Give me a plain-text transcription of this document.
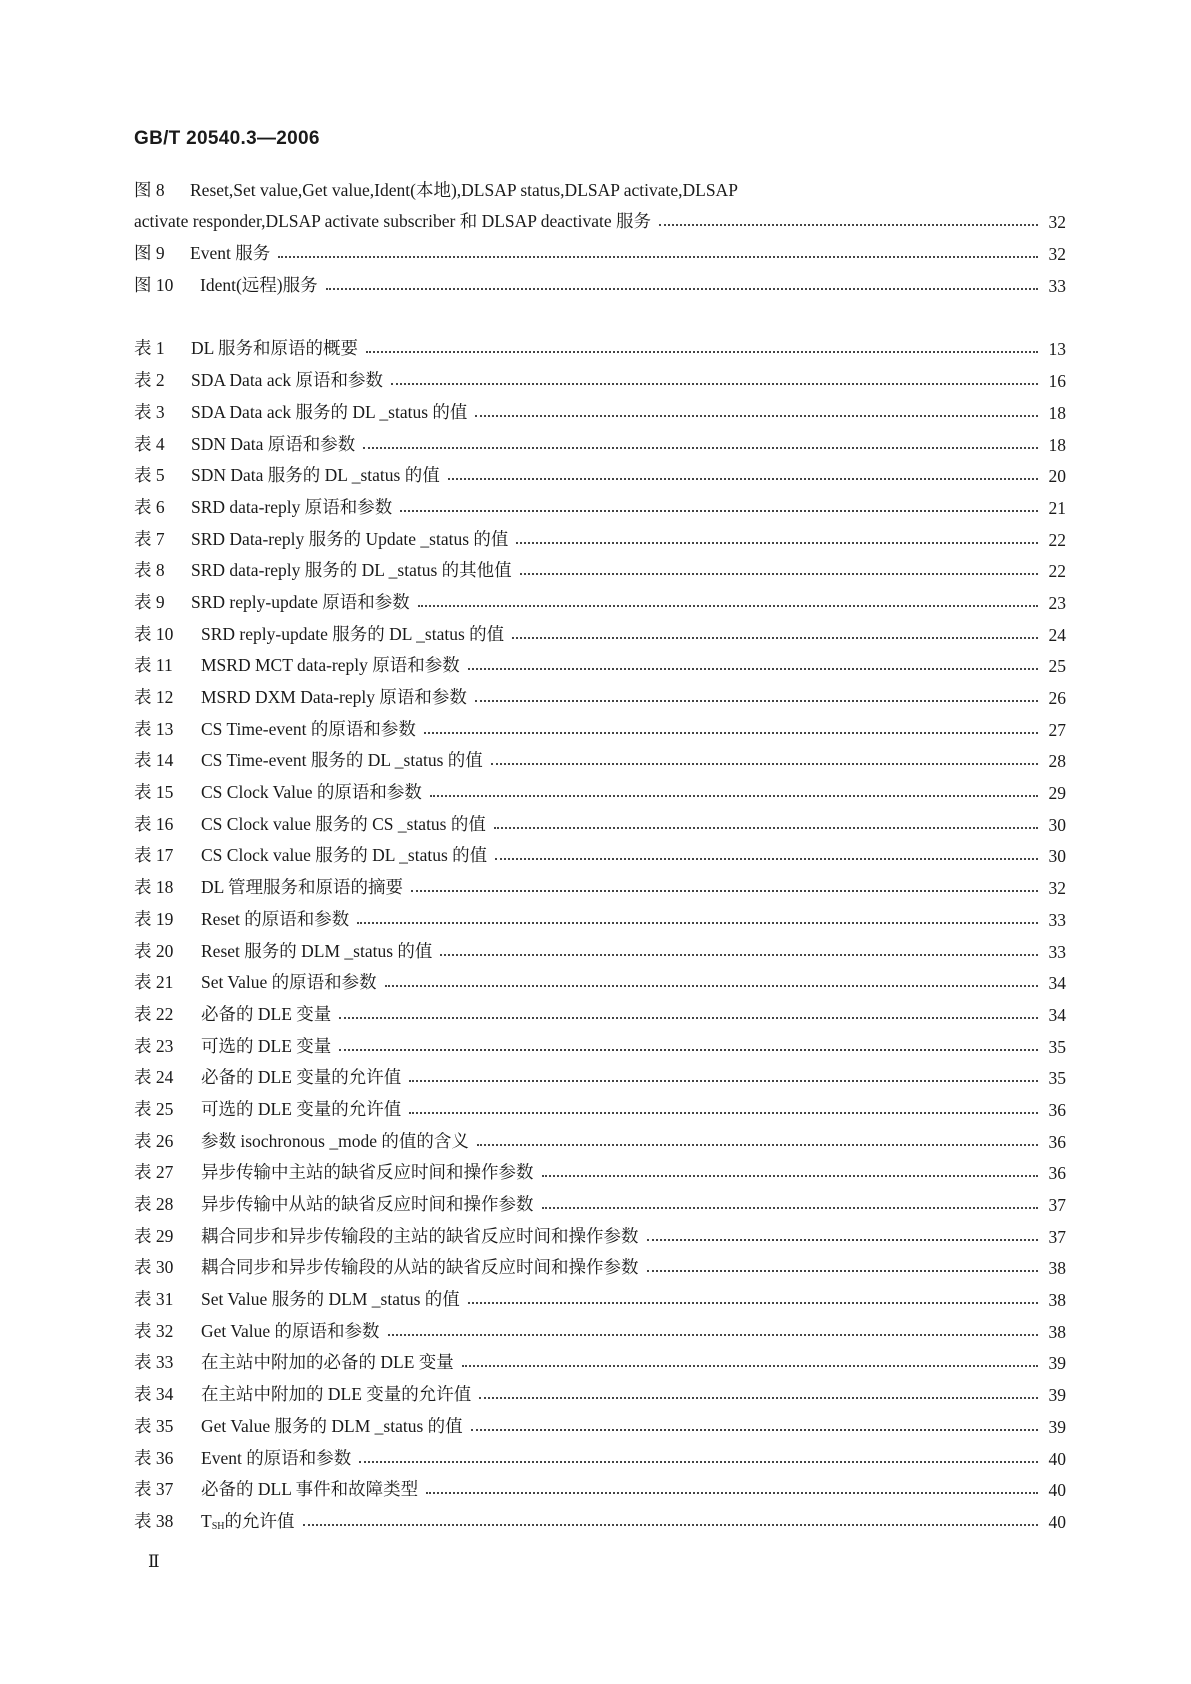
GB/T 20540.3—2006
图 8	Reset,Set value,Get value,Ident(本地),DLSAP status,DLSAP activate,DLSAP
activate responder,DLSAP activate subscriber 和 DLSAP deactivate 服务	32
图 9	Event 服务	32
图 10	Ident(远程)服务	33
表 1	DL 服务和原语的概要	13
表 2	SDA Data ack 原语和参数	16
表 3	SDA Data ack 服务的 DL _status 的值	18
表 4	SDN Data 原语和参数	18
表 5	SDN Data 服务的 DL _status 的值	20
表 6	SRD data-reply 原语和参数	21
表 7	SRD Data-reply 服务的 Update _status 的值	22
表 8	SRD data-reply 服务的 DL _status 的其他值	22
表 9	SRD reply-update 原语和参数	23
表 10	SRD reply-update 服务的 DL _status 的值	24
表 11	MSRD MCT data-reply 原语和参数	25
表 12	MSRD DXM Data-reply 原语和参数	26
表 13	CS Time-event 的原语和参数	27
表 14	CS Time-event 服务的 DL _status 的值	28
表 15	CS Clock Value 的原语和参数	29
表 16	CS Clock value 服务的 CS _status 的值	30
表 17	CS Clock value 服务的 DL _status 的值	30
表 18	DL 管理服务和原语的摘要	32
表 19	Reset 的原语和参数	33
表 20	Reset 服务的 DLM _status 的值	33
表 21	Set Value 的原语和参数	34
表 22	必备的 DLE 变量	34
表 23	可选的 DLE 变量	35
表 24	必备的 DLE 变量的允许值	35
表 25	可选的 DLE 变量的允许值	36
表 26	参数 isochronous _mode 的值的含义	36
表 27	异步传输中主站的缺省反应时间和操作参数	36
表 28	异步传输中从站的缺省反应时间和操作参数	37
表 29	耦合同步和异步传输段的主站的缺省反应时间和操作参数	37
表 30	耦合同步和异步传输段的从站的缺省反应时间和操作参数	38
表 31	Set Value 服务的 DLM _status 的值	38
表 32	Get Value 的原语和参数	38
表 33	在主站中附加的必备的 DLE 变量	39
表 34	在主站中附加的 DLE 变量的允许值	39
表 35	Get Value 服务的 DLM _status 的值	39
表 36	Event 的原语和参数	40
表 37	必备的 DLL 事件和故障类型	40
表 38	$T_{SH}$的允许值	40
Ⅱ
